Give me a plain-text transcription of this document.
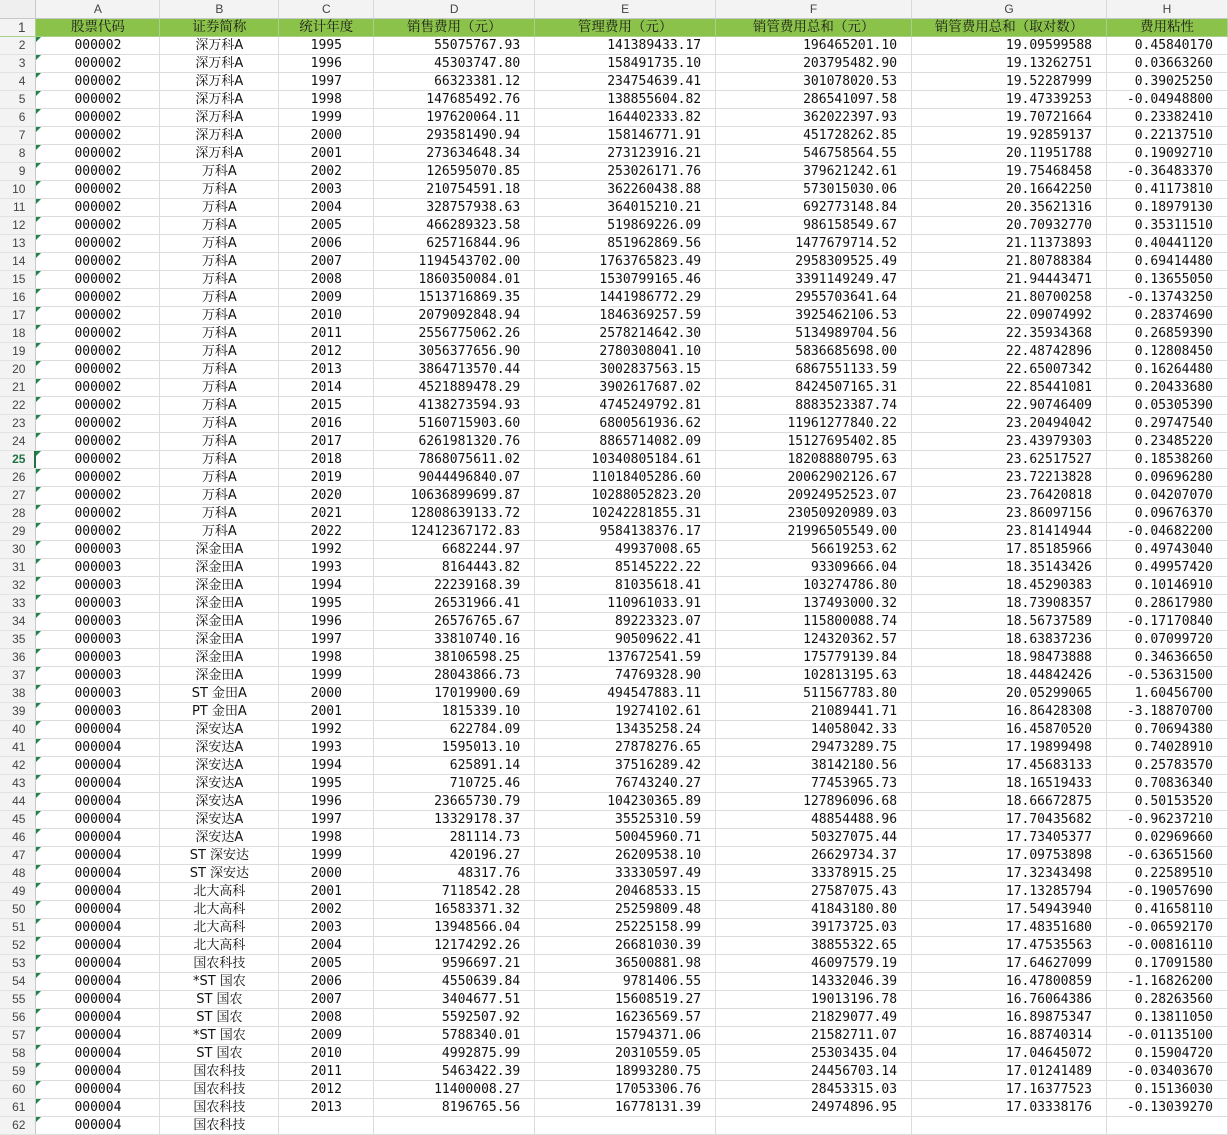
	A	B	C	D	E	F	G	H
1	股票代码	证券简称	统计年度	销售费用（元）	管理费用（元）	销管费用总和（元）	销管费用总和（取对数）	费用粘性
2	000002	深万科A	1995	55075767.93	141389433.17	196465201.10	19.09599588	0.45840170
3	000002	深万科A	1996	45303747.80	158491735.10	203795482.90	19.13262751	0.03663260
4	000002	深万科A	1997	66323381.12	234754639.41	301078020.53	19.52287999	0.39025250
5	000002	深万科A	1998	147685492.76	138855604.82	286541097.58	19.47339253	-0.04948800
6	000002	深万科A	1999	197620064.11	164402333.82	362022397.93	19.70721664	0.23382410
7	000002	深万科A	2000	293581490.94	158146771.91	451728262.85	19.92859137	0.22137510
8	000002	深万科A	2001	273634648.34	273123916.21	546758564.55	20.11951788	0.19092710
9	000002	万科A	2002	126595070.85	253026171.76	379621242.61	19.75468458	-0.36483370
10	000002	万科A	2003	210754591.18	362260438.88	573015030.06	20.16642250	0.41173810
11	000002	万科A	2004	328757938.63	364015210.21	692773148.84	20.35621316	0.18979130
12	000002	万科A	2005	466289323.58	519869226.09	986158549.67	20.70932770	0.35311510
13	000002	万科A	2006	625716844.96	851962869.56	1477679714.52	21.11373893	0.40441120
14	000002	万科A	2007	1194543702.00	1763765823.49	2958309525.49	21.80788384	0.69414480
15	000002	万科A	2008	1860350084.01	1530799165.46	3391149249.47	21.94443471	0.13655050
16	000002	万科A	2009	1513716869.35	1441986772.29	2955703641.64	21.80700258	-0.13743250
17	000002	万科A	2010	2079092848.94	1846369257.59	3925462106.53	22.09074992	0.28374690
18	000002	万科A	2011	2556775062.26	2578214642.30	5134989704.56	22.35934368	0.26859390
19	000002	万科A	2012	3056377656.90	2780308041.10	5836685698.00	22.48742896	0.12808450
20	000002	万科A	2013	3864713570.44	3002837563.15	6867551133.59	22.65007342	0.16264480
21	000002	万科A	2014	4521889478.29	3902617687.02	8424507165.31	22.85441081	0.20433680
22	000002	万科A	2015	4138273594.93	4745249792.81	8883523387.74	22.90746409	0.05305390
23	000002	万科A	2016	5160715903.60	6800561936.62	11961277840.22	23.20494042	0.29747540
24	000002	万科A	2017	6261981320.76	8865714082.09	15127695402.85	23.43979303	0.23485220
25	000002	万科A	2018	7868075611.02	10340805184.61	18208880795.63	23.62517527	0.18538260
26	000002	万科A	2019	9044496840.07	11018405286.60	20062902126.67	23.72213828	0.09696280
27	000002	万科A	2020	10636899699.87	10288052823.20	20924952523.07	23.76420818	0.04207070
28	000002	万科A	2021	12808639133.72	10242281855.31	23050920989.03	23.86097156	0.09676370
29	000002	万科A	2022	12412367172.83	9584138376.17	21996505549.00	23.81414944	-0.04682200
30	000003	深金田A	1992	6682244.97	49937008.65	56619253.62	17.85185966	0.49743040
31	000003	深金田A	1993	8164443.82	85145222.22	93309666.04	18.35143426	0.49957420
32	000003	深金田A	1994	22239168.39	81035618.41	103274786.80	18.45290383	0.10146910
33	000003	深金田A	1995	26531966.41	110961033.91	137493000.32	18.73908357	0.28617980
34	000003	深金田A	1996	26576765.67	89223323.07	115800088.74	18.56737589	-0.17170840
35	000003	深金田A	1997	33810740.16	90509622.41	124320362.57	18.63837236	0.07099720
36	000003	深金田A	1998	38106598.25	137672541.59	175779139.84	18.98473888	0.34636650
37	000003	深金田A	1999	28043866.73	74769328.90	102813195.63	18.44842426	-0.53631500
38	000003	ST 金田A	2000	17019900.69	494547883.11	511567783.80	20.05299065	1.60456700
39	000003	PT 金田A	2001	1815339.10	19274102.61	21089441.71	16.86428308	-3.18870700
40	000004	深安达A	1992	622784.09	13435258.24	14058042.33	16.45870520	0.70694380
41	000004	深安达A	1993	1595013.10	27878276.65	29473289.75	17.19899498	0.74028910
42	000004	深安达A	1994	625891.14	37516289.42	38142180.56	17.45683133	0.25783570
43	000004	深安达A	1995	710725.46	76743240.27	77453965.73	18.16519433	0.70836340
44	000004	深安达A	1996	23665730.79	104230365.89	127896096.68	18.66672875	0.50153520
45	000004	深安达A	1997	13329178.37	35525310.59	48854488.96	17.70435682	-0.96237210
46	000004	深安达A	1998	281114.73	50045960.71	50327075.44	17.73405377	0.02969660
47	000004	ST 深安达	1999	420196.27	26209538.10	26629734.37	17.09753898	-0.63651560
48	000004	ST 深安达	2000	48317.76	33330597.49	33378915.25	17.32343498	0.22589510
49	000004	北大高科	2001	7118542.28	20468533.15	27587075.43	17.13285794	-0.19057690
50	000004	北大高科	2002	16583371.32	25259809.48	41843180.80	17.54943940	0.41658110
51	000004	北大高科	2003	13948566.04	25225158.99	39173725.03	17.48351680	-0.06592170
52	000004	北大高科	2004	12174292.26	26681030.39	38855322.65	17.47535563	-0.00816110
53	000004	国农科技	2005	9596697.21	36500881.98	46097579.19	17.64627099	0.17091580
54	000004	*ST 国农	2006	4550639.84	9781406.55	14332046.39	16.47800859	-1.16826200
55	000004	ST 国农	2007	3404677.51	15608519.27	19013196.78	16.76064386	0.28263560
56	000004	ST 国农	2008	5592507.92	16236569.57	21829077.49	16.89875347	0.13811050
57	000004	*ST 国农	2009	5788340.01	15794371.06	21582711.07	16.88740314	-0.01135100
58	000004	ST 国农	2010	4992875.99	20310559.05	25303435.04	17.04645072	0.15904720
59	000004	国农科技	2011	5463422.39	18993280.75	24456703.14	17.01241489	-0.03403670
60	000004	国农科技	2012	11400008.27	17053306.76	28453315.03	17.16377523	0.15136030
61	000004	国农科技	2013	8196765.56	16778131.39	24974896.95	17.03338176	-0.13039270
62	000004	国农科技						
